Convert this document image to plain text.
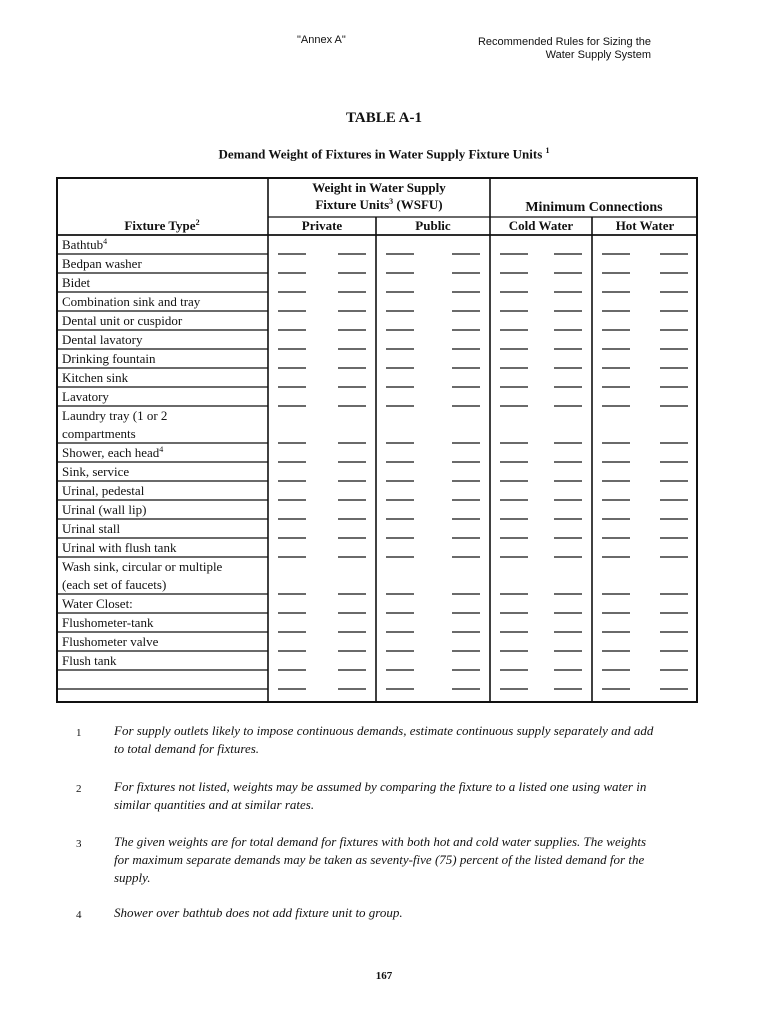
"Annex A"	Recommended Rules for Sizing the
Water Supply System
TABLE A-1
Demand Weight of Fixtures in Water Supply Fixture Units $^1$
Weight in Water Supply
Fixture Units$^3$ (WSFU)	Minimum Connections
Fixture Type$^2$	Private	Public	Cold Water	Hot Water
Bathtub$^4$
Bedpan washer
Bidet
Combination sink and tray
Dental unit or cuspidor
Dental lavatory
Drinking fountain
Kitchen sink
Lavatory
Laundry tray (1 or 2
compartments
Shower, each head$^4$
Sink, service
Urinal, pedestal
Urinal (wall lip)
Urinal stall
Urinal with flush tank
Wash sink, circular or multiple
(each set of faucets)
Water Closet:
Flushometer-tank
Flushometer valve
Flush tank
1	For supply outlets likely to impose continuous demands, estimate continuous supply separately and add to total demand for fixtures.
2	For fixtures not listed, weights may be assumed by comparing the fixture to a listed one using water in similar quantities and at similar rates.
3	The given weights are for total demand for fixtures with both hot and cold water supplies. The weights for maximum separate demands may be taken as seventy-five (75) percent of the listed demand for the supply.
4	Shower over bathtub does not add fixture unit to group.
167
